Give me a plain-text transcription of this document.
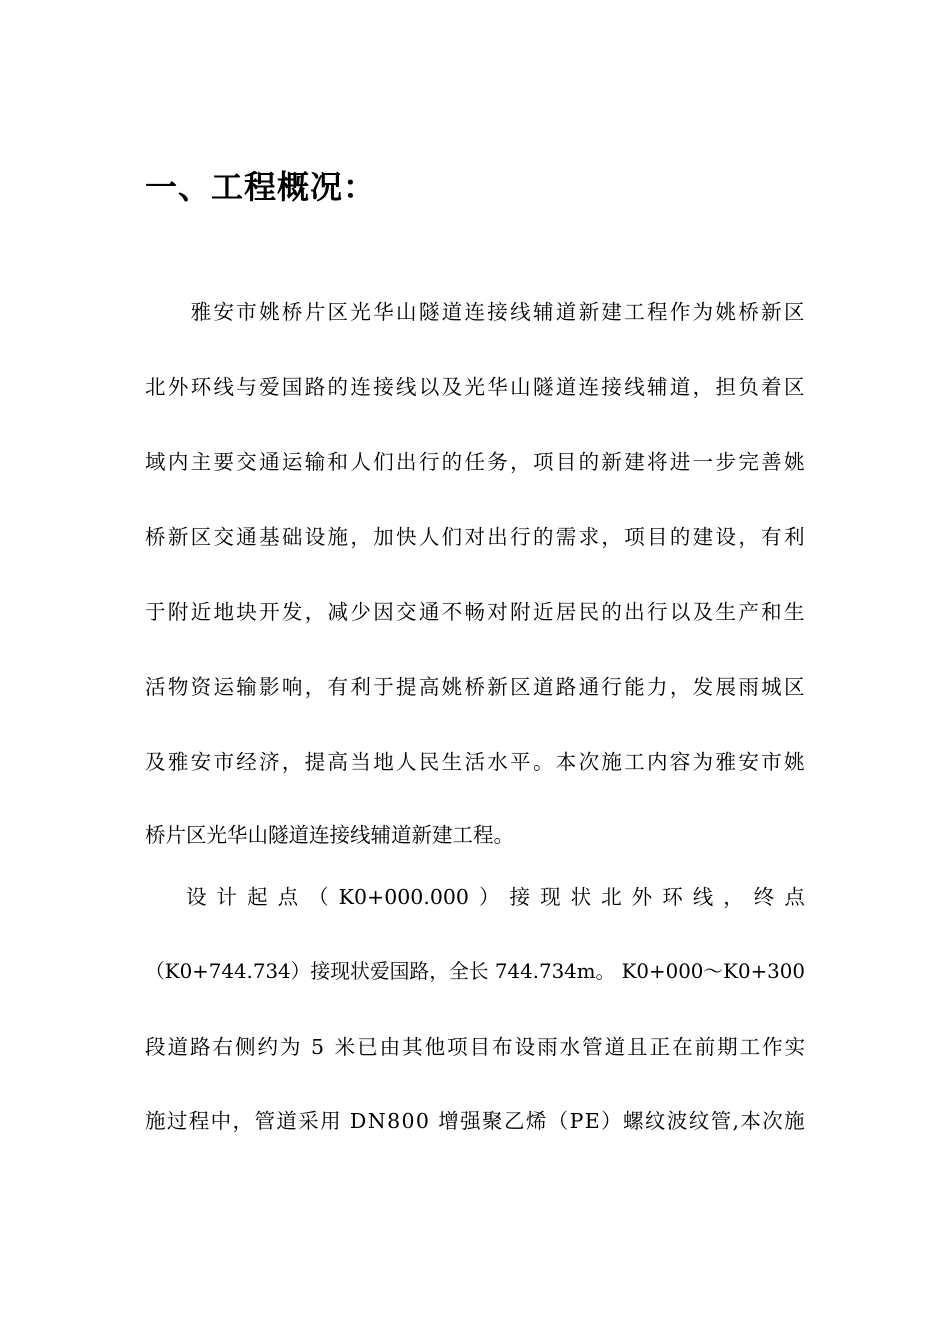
一、工程概况：
　　雅安市姚桥片区光华山隧道连接线辅道新建工程作为姚桥新区
北外环线与爱国路的连接线以及光华山隧道连接线辅道，担负着区
域内主要交通运输和人们出行的任务，项目的新建将进一步完善姚
桥新区交通基础设施，加快人们对出行的需求，项目的建设，有利
于附近地块开发，减少因交通不畅对附近居民的出行以及生产和生
活物资运输影响，有利于提高姚桥新区道路通行能力，发展雨城区
及雅安市经济，提高当地人民生活水平。本次施工内容为雅安市姚
桥片区光华山隧道连接线辅道新建工程。
　　设 计 起 点 （ K0+000.000 ） 接 现 状 北 外 环 线 ， 终 点
（K0+744.734）接现状爱国路，全长 744.734m。 K0+000～K0+300
段道路右侧约为 5 米已由其他项目布设雨水管道且正在前期工作实
施过程中，管道采用 DN800 增强聚乙烯（PE）螺纹波纹管,本次施
